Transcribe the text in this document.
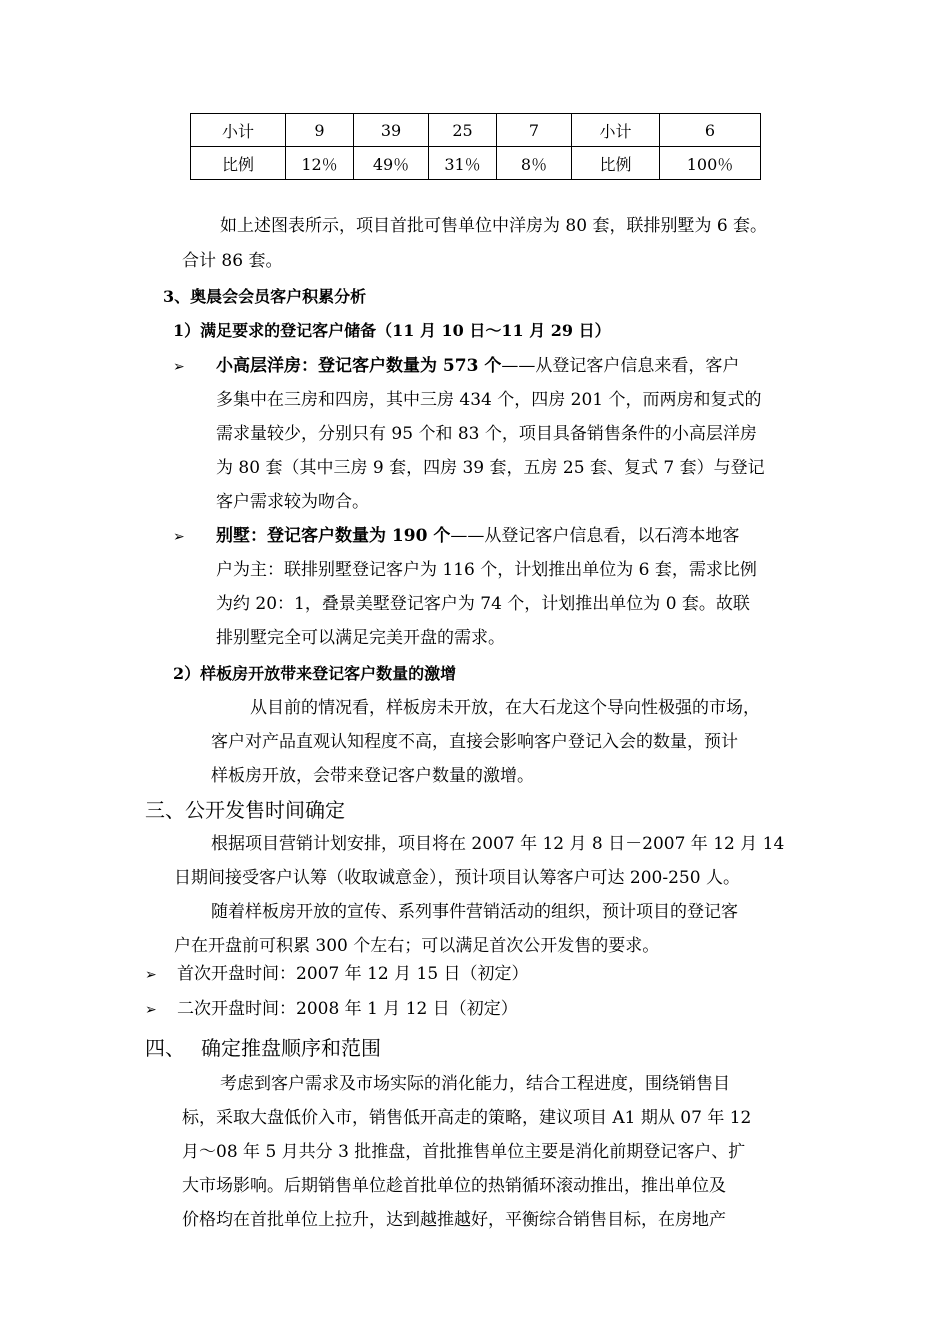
小计	9	39	25	7	小计	6
比例	12％	49％	31％	8％	比例	100％
如上述图表所示，项目首批可售单位中洋房为 80 套，联排别墅为 6 套。
合计 86 套。
3、奥晨会会员客户积累分析
1）满足要求的登记客户储备（11 月 10 日～11 月 29 日）
➢ 小高层洋房：登记客户数量为 573 个——从登记客户信息来看，客户
多集中在三房和四房，其中三房 434 个，四房 201 个，而两房和复式的
需求量较少，分别只有 95 个和 83 个，项目具备销售条件的小高层洋房
为 80 套（其中三房 9 套，四房 39 套，五房 25 套、复式 7 套）与登记
客户需求较为吻合。
➢ 别墅：登记客户数量为 190 个——从登记客户信息看，以石湾本地客
户为主：联排别墅登记客户为 116 个，计划推出单位为 6 套，需求比例
为约 20：1，叠景美墅登记客户为 74 个，计划推出单位为 0 套。故联
排别墅完全可以满足完美开盘的需求。
2）样板房开放带来登记客户数量的激增
从目前的情况看，样板房未开放，在大石龙这个导向性极强的市场，
客户对产品直观认知程度不高，直接会影响客户登记入会的数量，预计
样板房开放，会带来登记客户数量的激增。
三、公开发售时间确定
根据项目营销计划安排，项目将在 2007 年 12 月 8 日－2007 年 12 月 14
日期间接受客户认筹（收取诚意金），预计项目认筹客户可达 200-250 人。
随着样板房开放的宣传、系列事件营销活动的组织，预计项目的登记客
户在开盘前可积累 300 个左右；可以满足首次公开发售的要求。
➢ 首次开盘时间：2007 年 12 月 15 日（初定）
➢ 二次开盘时间：2008 年 1 月 12 日（初定）
四、 确定推盘顺序和范围
考虑到客户需求及市场实际的消化能力，结合工程进度，围绕销售目
标，采取大盘低价入市，销售低开高走的策略，建议项目 A1 期从 07 年 12
月～08 年 5 月共分 3 批推盘，首批推售单位主要是消化前期登记客户、扩
大市场影响。后期销售单位趁首批单位的热销循环滚动推出，推出单位及
价格均在首批单位上拉升，达到越推越好，平衡综合销售目标，在房地产
